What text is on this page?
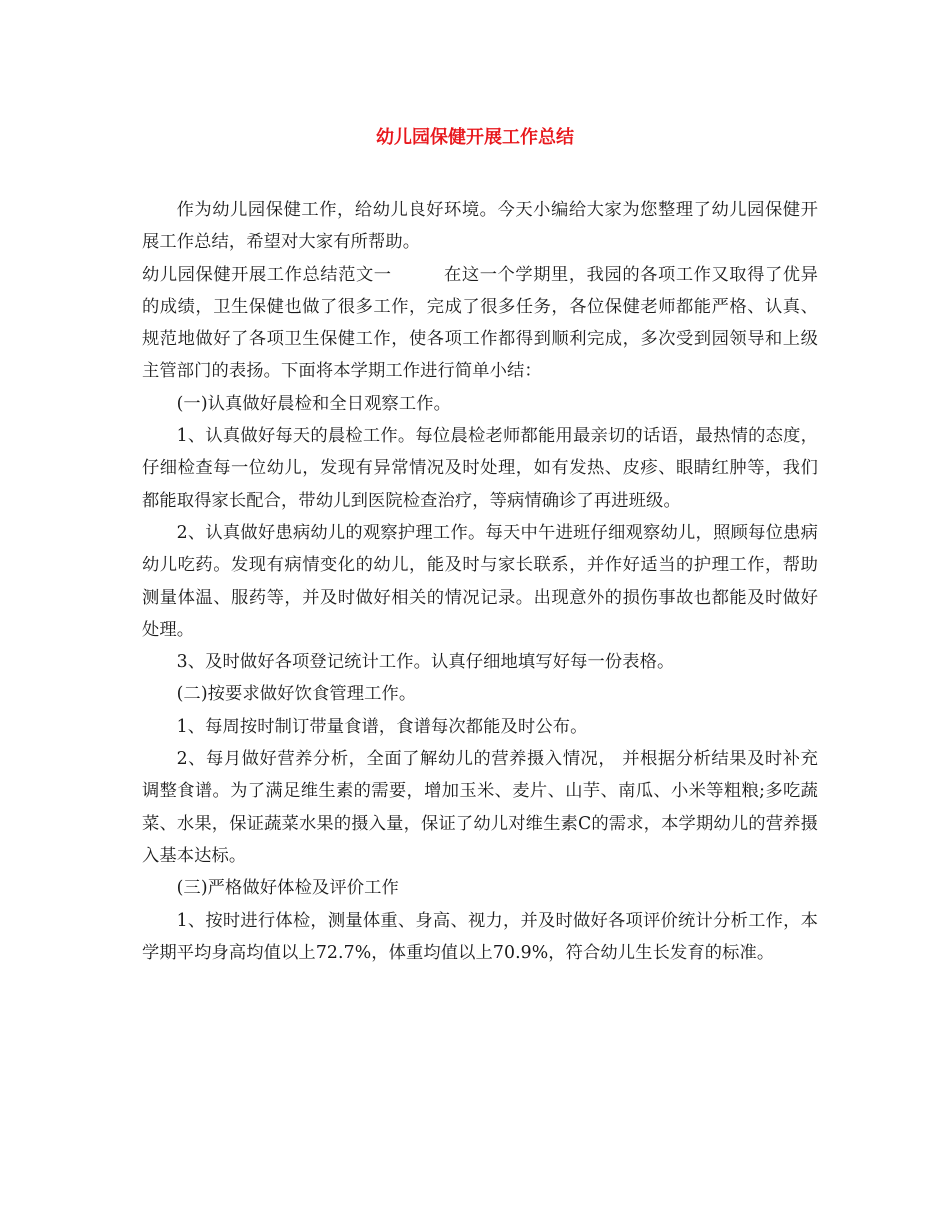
幼儿园保健开展工作总结

作为幼儿园保健工作，给幼儿良好环境。今天小编给大家为您整理了幼儿园保健开展工作总结，希望对大家有所帮助。

幼儿园保健开展工作总结范文一	在这一个学期里，我园的各项工作又取得了优异的成绩，卫生保健也做了很多工作，完成了很多任务，各位保健老师都能严格、认真、规范地做好了各项卫生保健工作，使各项工作都得到顺利完成，多次受到园领导和上级主管部门的表扬。下面将本学期工作进行简单小结：

(一)认真做好晨检和全日观察工作。

1、认真做好每天的晨检工作。每位晨检老师都能用最亲切的话语，最热情的态度，仔细检查每一位幼儿，发现有异常情况及时处理，如有发热、皮疹、眼睛红肿等，我们都能取得家长配合，带幼儿到医院检查治疗，等病情确诊了再进班级。

2、认真做好患病幼儿的观察护理工作。每天中午进班仔细观察幼儿，照顾每位患病幼儿吃药。发现有病情变化的幼儿，能及时与家长联系，并作好适当的护理工作，帮助测量体温、服药等，并及时做好相关的情况记录。出现意外的损伤事故也都能及时做好处理。

3、及时做好各项登记统计工作。认真仔细地填写好每一份表格。

(二)按要求做好饮食管理工作。

1、每周按时制订带量食谱，食谱每次都能及时公布。

2、每月做好营养分析，全面了解幼儿的营养摄入情况， 并根据分析结果及时补充调整食谱。为了满足维生素的需要，增加玉米、麦片、山芋、南瓜、小米等粗粮;多吃蔬菜、水果，保证蔬菜水果的摄入量，保证了幼儿对维生素C的需求，本学期幼儿的营养摄入基本达标。

(三)严格做好体检及评价工作

1、按时进行体检，测量体重、身高、视力，并及时做好各项评价统计分析工作，本学期平均身高均值以上72.7%，体重均值以上70.9%，符合幼儿生长发育的标准。
